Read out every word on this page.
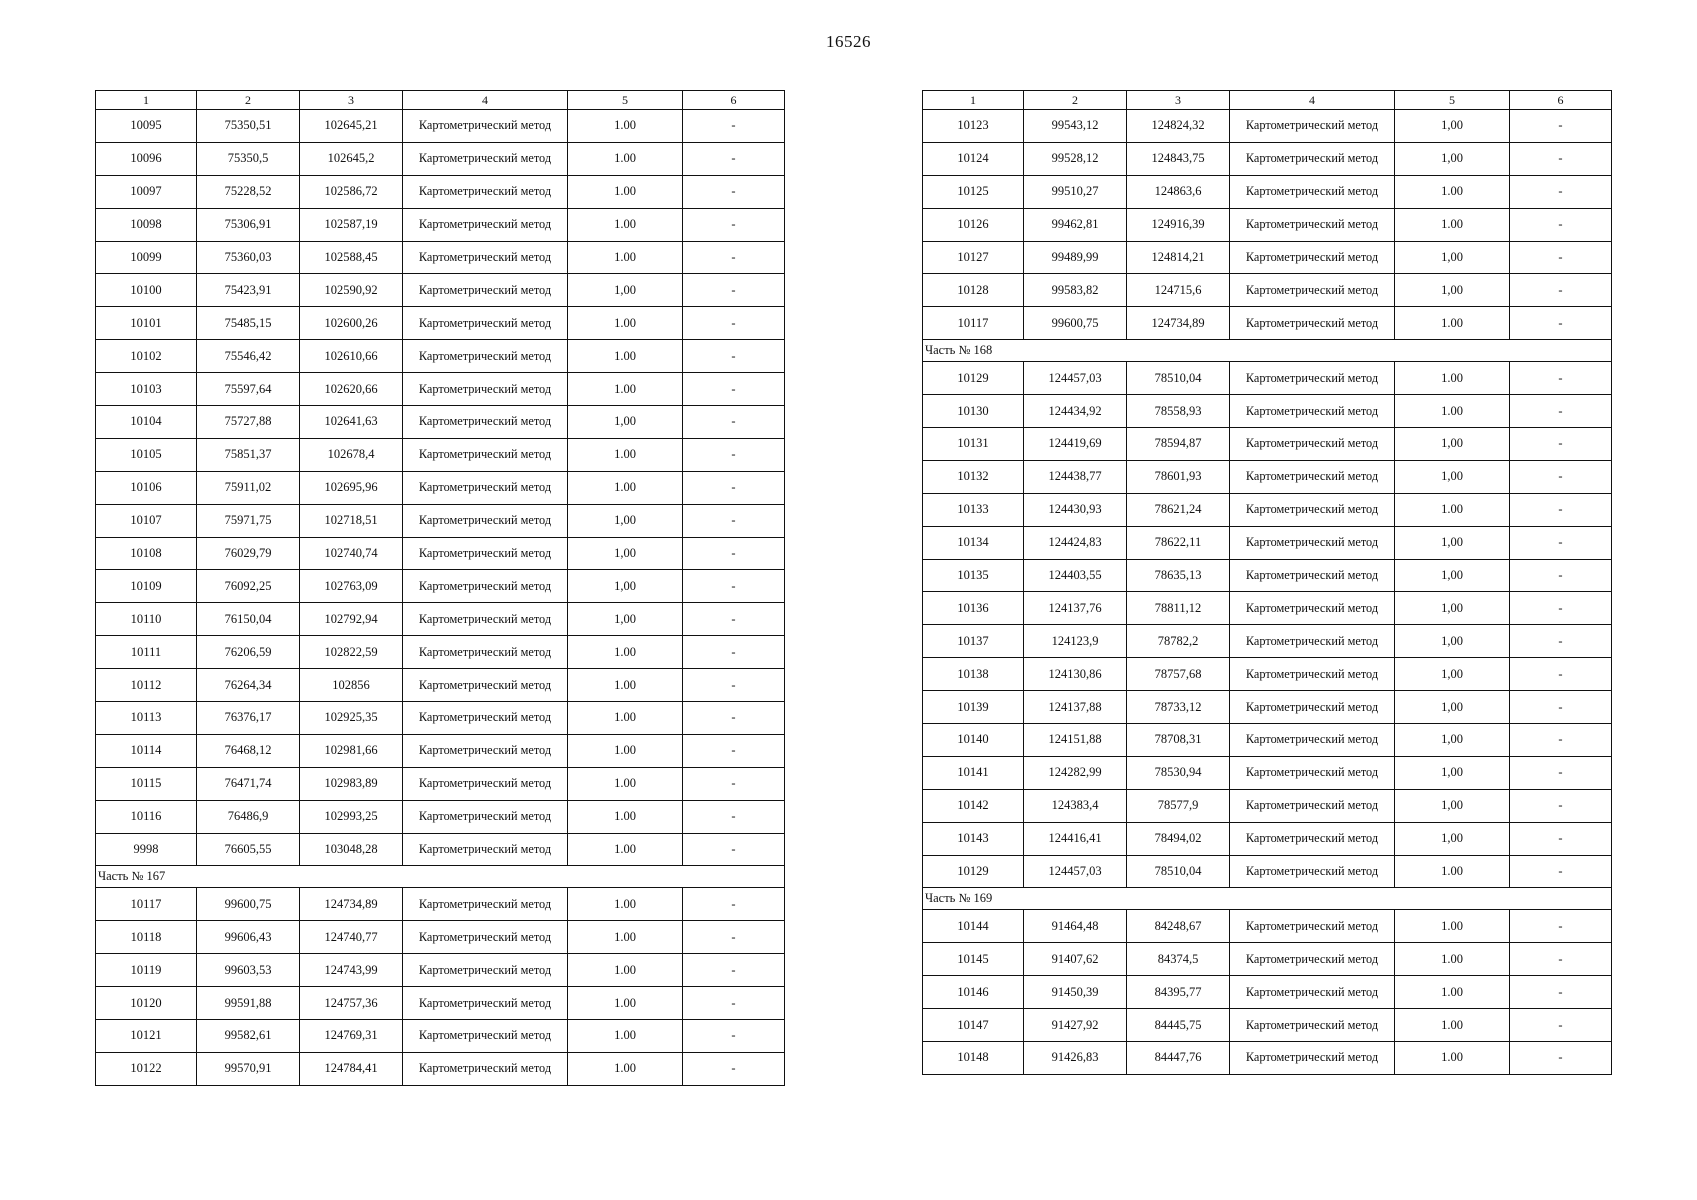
16526
1	2	3	4	5	6
10095	75350,51	102645,21	Картометрический метод	1.00	-
10096	75350,5	102645,2	Картометрический метод	1.00	-
10097	75228,52	102586,72	Картометрический метод	1.00	-
10098	75306,91	102587,19	Картометрический метод	1.00	-
10099	75360,03	102588,45	Картометрический метод	1.00	-
10100	75423,91	102590,92	Картометрический метод	1,00	-
10101	75485,15	102600,26	Картометрический метод	1.00	-
10102	75546,42	102610,66	Картометрический метод	1.00	-
10103	75597,64	102620,66	Картометрический метод	1.00	-
10104	75727,88	102641,63	Картометрический метод	1,00	-
10105	75851,37	102678,4	Картометрический метод	1.00	-
10106	75911,02	102695,96	Картометрический метод	1.00	-
10107	75971,75	102718,51	Картометрический метод	1,00	-
10108	76029,79	102740,74	Картометрический метод	1,00	-
10109	76092,25	102763,09	Картометрический метод	1,00	-
10110	76150,04	102792,94	Картометрический метод	1,00	-
10111	76206,59	102822,59	Картометрический метод	1.00	-
10112	76264,34	102856	Картометрический метод	1.00	-
10113	76376,17	102925,35	Картометрический метод	1.00	-
10114	76468,12	102981,66	Картометрический метод	1.00	-
10115	76471,74	102983,89	Картометрический метод	1.00	-
10116	76486,9	102993,25	Картометрический метод	1.00	-
9998	76605,55	103048,28	Картометрический метод	1.00	-
Часть № 167					
10117	99600,75	124734,89	Картометрический метод	1.00	-
10118	99606,43	124740,77	Картометрический метод	1.00	-
10119	99603,53	124743,99	Картометрический метод	1.00	-
10120	99591,88	124757,36	Картометрический метод	1.00	-
10121	99582,61	124769,31	Картометрический метод	1.00	-
10122	99570,91	124784,41	Картометрический метод	1.00	-
1	2	3	4	5	6
10123	99543,12	124824,32	Картометрический метод	1,00	-
10124	99528,12	124843,75	Картометрический метод	1,00	-
10125	99510,27	124863,6	Картометрический метод	1.00	-
10126	99462,81	124916,39	Картометрический метод	1.00	-
10127	99489,99	124814,21	Картометрический метод	1,00	-
10128	99583,82	124715,6	Картометрический метод	1,00	-
10117	99600,75	124734,89	Картометрический метод	1.00	-
Часть № 168					
10129	124457,03	78510,04	Картометрический метод	1.00	-
10130	124434,92	78558,93	Картометрический метод	1.00	-
10131	124419,69	78594,87	Картометрический метод	1,00	-
10132	124438,77	78601,93	Картометрический метод	1,00	-
10133	124430,93	78621,24	Картометрический метод	1.00	-
10134	124424,83	78622,11	Картометрический метод	1,00	-
10135	124403,55	78635,13	Картометрический метод	1,00	-
10136	124137,76	78811,12	Картометрический метод	1,00	-
10137	124123,9	78782,2	Картометрический метод	1,00	-
10138	124130,86	78757,68	Картометрический метод	1,00	-
10139	124137,88	78733,12	Картометрический метод	1,00	-
10140	124151,88	78708,31	Картометрический метод	1,00	-
10141	124282,99	78530,94	Картометрический метод	1,00	-
10142	124383,4	78577,9	Картометрический метод	1,00	-
10143	124416,41	78494,02	Картометрический метод	1,00	-
10129	124457,03	78510,04	Картометрический метод	1.00	-
Часть № 169					
10144	91464,48	84248,67	Картометрический метод	1.00	-
10145	91407,62	84374,5	Картометрический метод	1.00	-
10146	91450,39	84395,77	Картометрический метод	1.00	-
10147	91427,92	84445,75	Картометрический метод	1.00	-
10148	91426,83	84447,76	Картометрический метод	1.00	-
